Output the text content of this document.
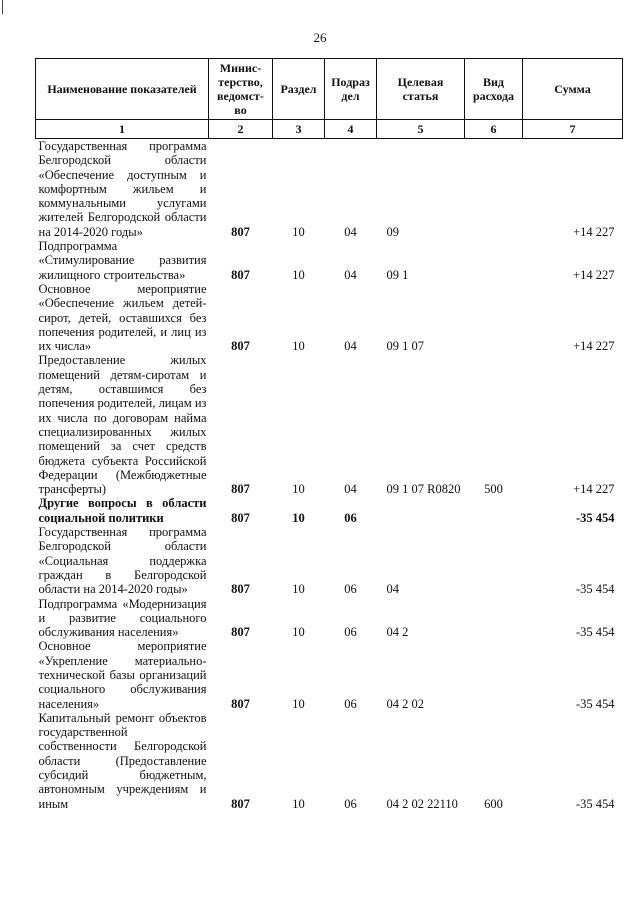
26
Наименование показателей	Минис- терство, ведомст- во	Раздел	Подраз дел	Целевая статья	Вид расхода	Сумма
1	2	3	4	5	6	7
Государственная программа Белгородской области «Обеспечение доступным и комфортным жильем и коммунальными услугами жителей Белгородской области на 2014-2020 годы»	807	10	04	09		+14 227
Подпрограмма «Стимулирование развития жилищного строительства»	807	10	04	09 1		+14 227
Основное мероприятие «Обеспечение жильем детей-сирот, детей, оставшихся без попечения родителей, и лиц из их числа»	807	10	04	09 1 07		+14 227
Предоставление жилых помещений детям-сиротам и детям, оставшимся без попечения родителей, лицам из их числа по договорам найма специализированных жилых помещений за счет средств бюджета субъекта Российской Федерации (Межбюджетные трансферты)	807	10	04	09 1 07 R0820	500	+14 227
Другие вопросы в области социальной политики	807	10	06			-35 454
Государственная программа Белгородской области «Социальная поддержка граждан в Белгородской области на 2014-2020 годы»	807	10	06	04		-35 454
Подпрограмма «Модернизация и развитие социального обслуживания населения»	807	10	06	04 2		-35 454
Основное мероприятие «Укрепление материально-технической базы организаций социального обслуживания населения»	807	10	06	04 2 02		-35 454
Капитальный ремонт объектов государственной собственности Белгородской области (Предоставление субсидий бюджетным, автономным учреждениям и иным	807	10	06	04 2 02 22110	600	-35 454
